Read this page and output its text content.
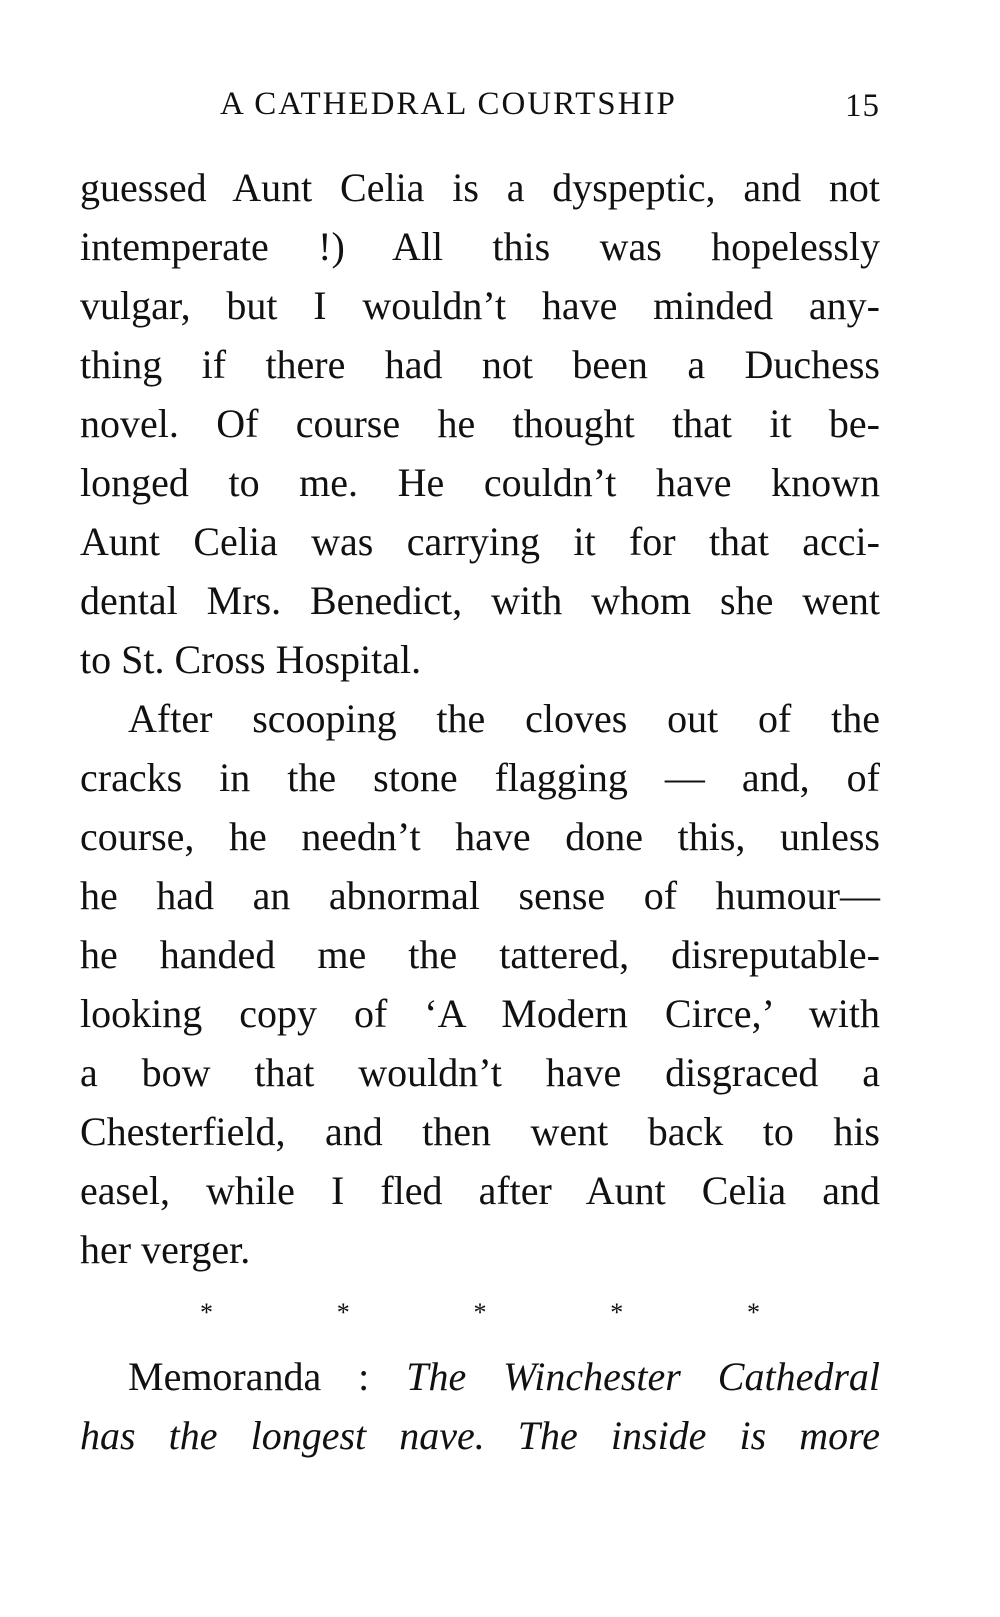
A CATHEDRAL COURTSHIP	15
guessed Aunt Celia is a dyspeptic, and not
intemperate !) All this was hopelessly
vulgar, but I wouldn’t have minded any-
thing if there had not been a Duchess
novel. Of course he thought that it be-
longed to me. He couldn’t have known
Aunt Celia was carrying it for that acci-
dental Mrs. Benedict, with whom she went
to St. Cross Hospital.
After scooping the cloves out of the
cracks in the stone flagging — and, of
course, he needn’t have done this, unless
he had an abnormal sense of humour—
he handed me the tattered, disreputable-
looking copy of ‘A Modern Circe,’ with
a bow that wouldn’t have disgraced a
Chesterfield, and then went back to his
easel, while I fled after Aunt Celia and
her verger.
*	*	*	*	*
Memoranda : The Winchester Cathedral
has the longest nave. The inside is more
